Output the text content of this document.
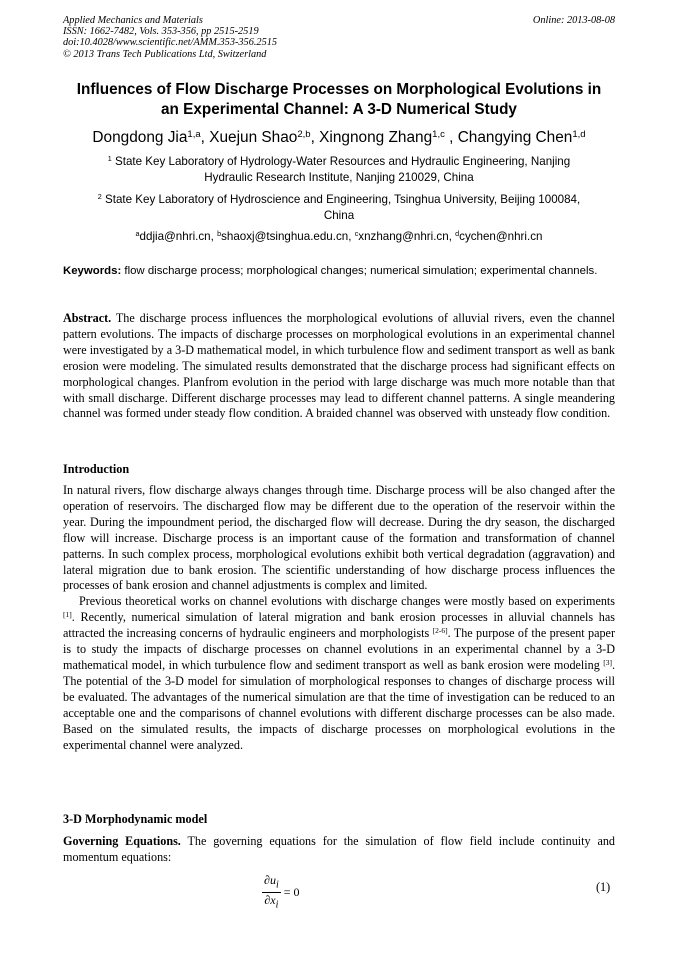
Applied Mechanics and Materials
ISSN: 1662-7482, Vols. 353-356, pp 2515-2519
doi:10.4028/www.scientific.net/AMM.353-356.2515
© 2013 Trans Tech Publications Ltd, Switzerland
Online: 2013-08-08
Influences of Flow Discharge Processes on Morphological Evolutions in
an Experimental Channel: A 3-D Numerical Study
Dongdong Jia$^{1,a}$, Xuejun Shao$^{2,b}$, Xingnong Zhang$^{1,c}$ , Changying Chen$^{1,d}$
$^1$ State Key Laboratory of Hydrology-Water Resources and Hydraulic Engineering, Nanjing
Hydraulic Research Institute, Nanjing 210029, China
$^2$ State Key Laboratory of Hydroscience and Engineering, Tsinghua University, Beijing 100084,
China
$^a$ddjia@nhri.cn, $^b$shaoxj@tsinghua.edu.cn, $^c$xnzhang@nhri.cn, $^d$cychen@nhri.cn
Keywords: flow discharge process; morphological changes; numerical simulation; experimental channels.
Abstract. The discharge process influences the morphological evolutions of alluvial rivers, even the channel pattern evolutions. The impacts of discharge processes on morphological evolutions in an experimental channel were investigated by a 3-D mathematical model, in which turbulence flow and sediment transport as well as bank erosion were modeling. The simulated results demonstrated that the discharge process had significant effects on morphological changes. Planfrom evolution in the period with large discharge was much more notable than that with small discharge. Different discharge processes may lead to different channel patterns. A single meandering channel was formed under steady flow condition. A braided channel was observed with unsteady flow condition.
Introduction

In natural rivers, flow discharge always changes through time. Discharge process will be also changed after the operation of reservoirs. The discharged flow may be different due to the operation of the reservoir within the year. During the impoundment period, the discharged flow will decrease. During the dry season, the discharged flow will increase. Discharge process is an important cause of the formation and transformation of channel patterns. In such complex process, morphological evolutions exhibit both vertical degradation (aggravation) and lateral migration due to bank erosion. The scientific understanding of how discharge process influences the processes of bank erosion and channel adjustments is complex and limited.

Previous theoretical works on channel evolutions with discharge changes were mostly based on experiments [1]. Recently, numerical simulation of lateral migration and bank erosion processes in alluvial channels has attracted the increasing concerns of hydraulic engineers and morphologists [2-6]. The purpose of the present paper is to study the impacts of discharge processes on channel evolutions in an experimental channel by a 3-D mathematical model, in which turbulence flow and sediment transport as well as bank erosion were modeling [3]. The potential of the 3-D model for simulation of morphological responses to changes of discharge process will be evaluated. The advantages of the numerical simulation are that the time of investigation can be reduced to an acceptable one and the comparisons of channel evolutions with different discharge processes can be also made. Based on the simulated results, the impacts of discharge processes on morphological evolutions in the experimental channel were analyzed.

3-D Morphodynamic model
Governing Equations. The governing equations for the simulation of flow field include continuity and momentum equations:
$\frac{\partial u_i}{\partial x_i} = 0$	(1)
